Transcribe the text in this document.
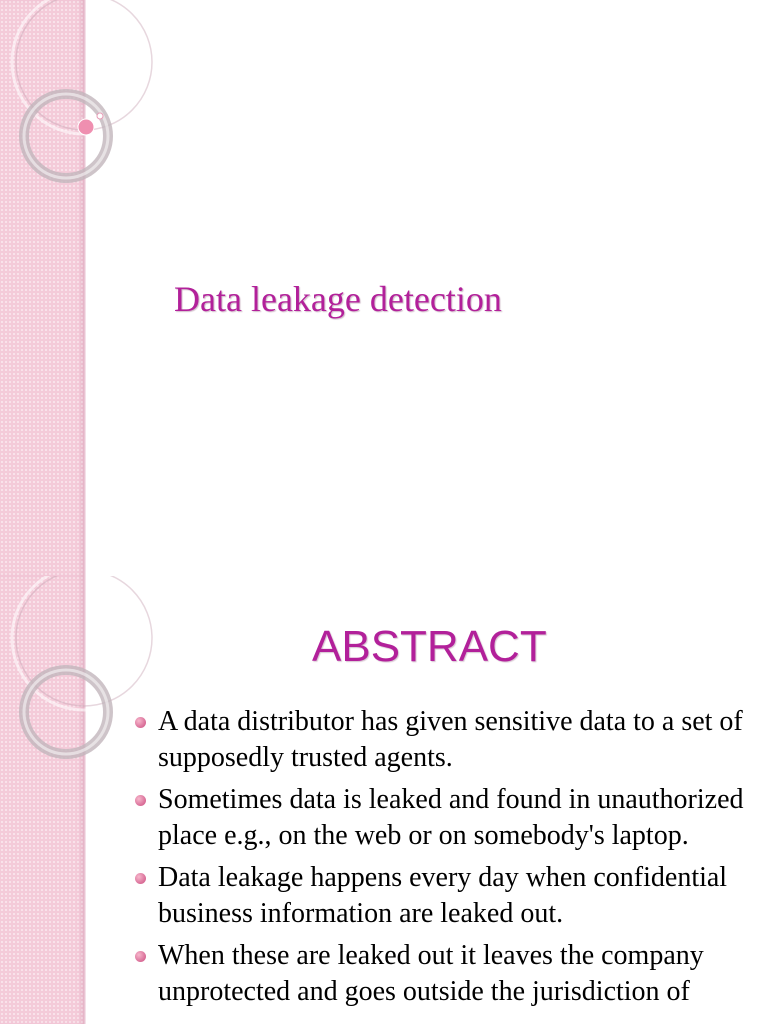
Data leakage detection
ABSTRACT
A data distributor has given sensitive data to a set of supposedly trusted agents.
Sometimes data is leaked and found in unauthorized place e.g., on the web or on somebody's laptop.
Data leakage happens every day when confidential business information are leaked out.
When these are leaked out it leaves the company unprotected and goes outside the jurisdiction of
